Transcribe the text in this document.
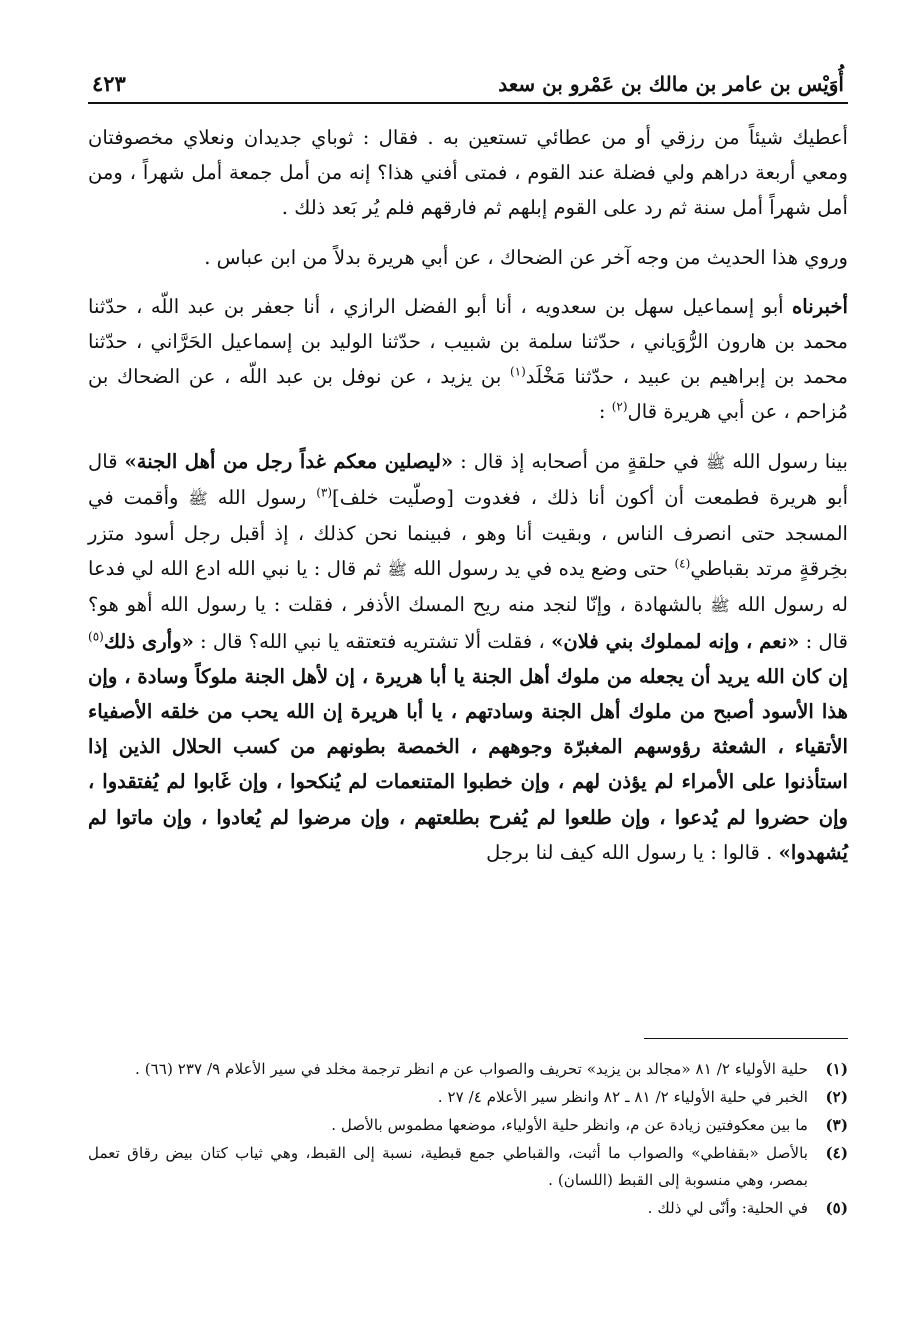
أُوَيْس بن عامر بن مالك بن عَمْرو بن سعد
٤٢٣

أعطيك شيئاً من رزقي أو من عطائي تستعين به . فقال : ثوباي جديدان ونعلاي مخصوفتان ومعي أربعة دراهم ولي فضلة عند القوم ، فمتى أفني هذا؟ إنه من أمل جمعة أمل شهراً ، ومن أمل شهراً أمل سنة ثم رد على القوم إبلهم ثم فارقهم فلم يُر بَعد ذلك .

وروي هذا الحديث من وجه آخر عن الضحاك ، عن أبي هريرة بدلاً من ابن عباس .

أخبرناه أبو إسماعيل سهل بن سعدويه ، أنا أبو الفضل الرازي ، أنا جعفر بن عبد اللّه ، حدّثنا محمد بن هارون الرُّوَياني ، حدّثنا سلمة بن شبيب ، حدّثنا الوليد بن إسماعيل الحَرَّاني ، حدّثنا محمد بن إبراهيم بن عبيد ، حدّثنا مَخْلَد$^{(١)}$ بن يزيد ، عن نوفل بن عبد اللّه ، عن الضحاك بن مُزاحم ، عن أبي هريرة قال$^{(٢)}$ :

بينا رسول الله ﷺ في حلقةٍ من أصحابه إذ قال : «ليصلين معكم غداً رجل من أهل الجنة» قال أبو هريرة فطمعت أن أكون أنا ذلك ، فغدوت [وصلّيت خلف]$^{(٣)}$ رسول الله ﷺ وأقمت في المسجد حتى انصرف الناس ، وبقيت أنا وهو ، فبينما نحن كذلك ، إذ أقبل رجل أسود متزر بخِرقةٍ مرتد بقباطي$^{(٤)}$ حتى وضع يده في يد رسول الله ﷺ ثم قال : يا نبي الله ادع الله لي فدعا له رسول الله ﷺ بالشهادة ، وإنّا لنجد منه ريح المسك الأذفر ، فقلت : يا رسول الله أهو هو؟ قال : «نعم ، وإنه لمملوك بني فلان» ، فقلت ألا تشتريه فتعتقه يا نبي الله؟ قال : «وأرى ذلك$^{(٥)}$ إن كان الله يريد أن يجعله من ملوك أهل الجنة يا أبا هريرة ، إن لأهل الجنة ملوكاً وسادة ، وإن هذا الأسود أصبح من ملوك أهل الجنة وسادتهم ، يا أبا هريرة إن الله يحب من خلقه الأصفياء الأتقياء ، الشعثة رؤوسهم المغبرّة وجوههم ، الخمصة بطونهم من كسب الحلال الذين إذا استأذنوا على الأمراء لم يؤذن لهم ، وإن خطبوا المتنعمات لم يُنكحوا ، وإن غَابوا لم يُفتقدوا ، وإن حضروا لم يُدعوا ، وإن طلعوا لم يُفرح بطلعتهم ، وإن مرضوا لم يُعادوا ، وإن ماتوا لم يُشهدوا» . قالوا : يا رسول الله كيف لنا برجل

(١)
حلية الأولياء ٢/ ٨١ «مجالد بن يزيد» تحريف والصواب عن م انظر ترجمة مخلد في سير الأعلام ٩/ ٢٣٧ (٦٦) .
(٢)
الخبر في حلية الأولياء ٢/ ٨١ ـ ٨٢ وانظر سير الأعلام ٤/ ٢٧ .
(٣)
ما بين معكوفتين زيادة عن م، وانظر حلية الأولياء، موضعها مطموس بالأصل .
(٤)
بالأصل «بقفاطي» والصواب ما أثبت، والقباطي جمع قبطية، نسبة إلى القبط، وهي ثياب كتان بيض رقاق تعمل بمصر، وهي منسوبة إلى القبط (اللسان) .
(٥)
في الحلية: وأنّى لي ذلك .
